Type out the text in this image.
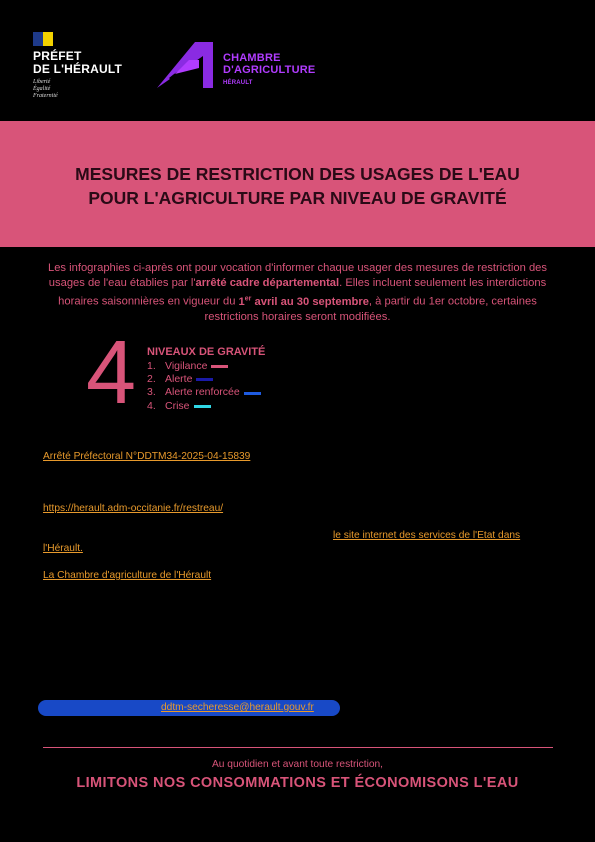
PRÉFET
DE L'HÉRAULT
Liberté
Égalité
Fraternité
CHAMBRE
D'AGRICULTURE
HÉRAULT
MESURES DE RESTRICTION DES USAGES DE L'EAU
POUR L'AGRICULTURE PAR NIVEAU DE GRAVITÉ
Les infographies ci-après ont pour vocation d'informer chaque usager des mesures de restriction des usages de l'eau établies par l'arrêté cadre départemental. Elles incluent seulement les interdictions horaires saisonnières en vigueur du 1er avril au 30 septembre, à partir du 1er octobre, certaines restrictions horaires seront modifiées.
4 NIVEAUX DE GRAVITÉ
1. Vigilance
2. Alerte
3. Alerte renforcée
4. Crise
Arrêté Préfectoral N°DDTM34-2025-04-15839
https://herault.adm-occitanie.fr/restreau/
le site internet des services de l'Etat dans
l'Hérault.
La Chambre d'agriculture de l'Hérault
ddtm-secheresse@herault.gouv.fr
Au quotidien et avant toute restriction,
LIMITONS NOS CONSOMMATIONS ET ÉCONOMISONS L'EAU
